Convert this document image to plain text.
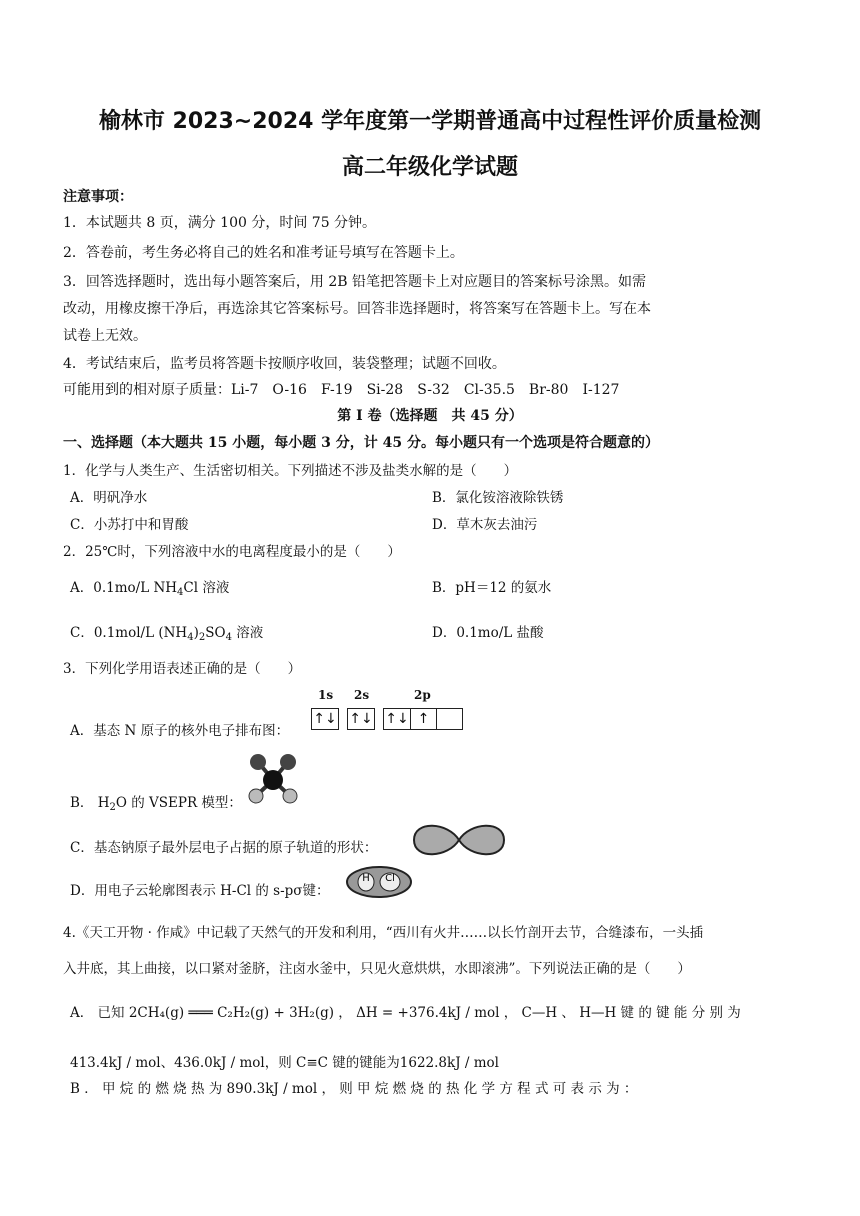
榆林市 2023~2024 学年度第一学期普通高中过程性评价质量检测
高二年级化学试题
注意事项：
1．本试题共 8 页，满分 100 分，时间 75 分钟。
2．答卷前，考生务必将自己的姓名和准考证号填写在答题卡上。
3．回答选择题时，选出每小题答案后，用 2B 铅笔把答题卡上对应题目的答案标号涂黑。如需
改动，用橡皮擦干净后，再选涂其它答案标号。回答非选择题时，将答案写在答题卡上。写在本
试卷上无效。
4．考试结束后，监考员将答题卡按顺序收回，装袋整理；试题不回收。
可能用到的相对原子质量：Li-7　O-16　F-19　Si-28　S-32　Cl-35.5　Br-80　I-127
第 Ⅰ 卷（选择题　共 45 分）
一、选择题（本大题共 15 小题，每小题 3 分，计 45 分。每小题只有一个选项是符合题意的）
1．化学与人类生产、生活密切相关。下列描述不涉及盐类水解的是（　　）
A．明矾净水	B．氯化铵溶液除铁锈
C．小苏打中和胃酸	D．草木灰去油污
2．25℃时，下列溶液中水的电离程度最小的是（　　）
A．0.1mo/L $NH_4Cl$ 溶液	B．pH＝12 的氨水
C．0.1mol/L $(NH_4)_2SO_4$ 溶液	D．0.1mo/L 盐酸
3．下列化学用语表述正确的是（　　）
1s 2s	2p
A．基态 N 原子的核外电子排布图：
↑↓ ↑↓ ↑↓ ↑
B． $H_2O$ 的 VSEPR 模型：
C．基态钠原子最外层电子占据的原子轨道的形状：
D．用电子云轮廓图表示 H-Cl 的 s-pσ键：
H Cl
4.《天工开物 · 作咸》中记载了天然气的开发和利用，“西川有火井……以长竹剖开去节，合缝漆布，一头插
入井底，其上曲接，以口紧对釜脐，注卤水釜中，只见火意烘烘，水即滚沸”。下列说法正确的是（　　）
A． 已知 2CH₄(g) ═══ C₂H₂(g) + 3H₂(g) ， ΔH = +376.4kJ / mol ， C—H 、 H—H 键 的 键 能 分 别 为
413.4kJ / mol、436.0kJ / mol，则 C≡C 键的键能为1622.8kJ / mol
B ． 甲 烷 的 燃 烧 热 为 890.3kJ / mol ， 则 甲 烷 燃 烧 的 热 化 学 方 程 式 可 表 示 为 ：
